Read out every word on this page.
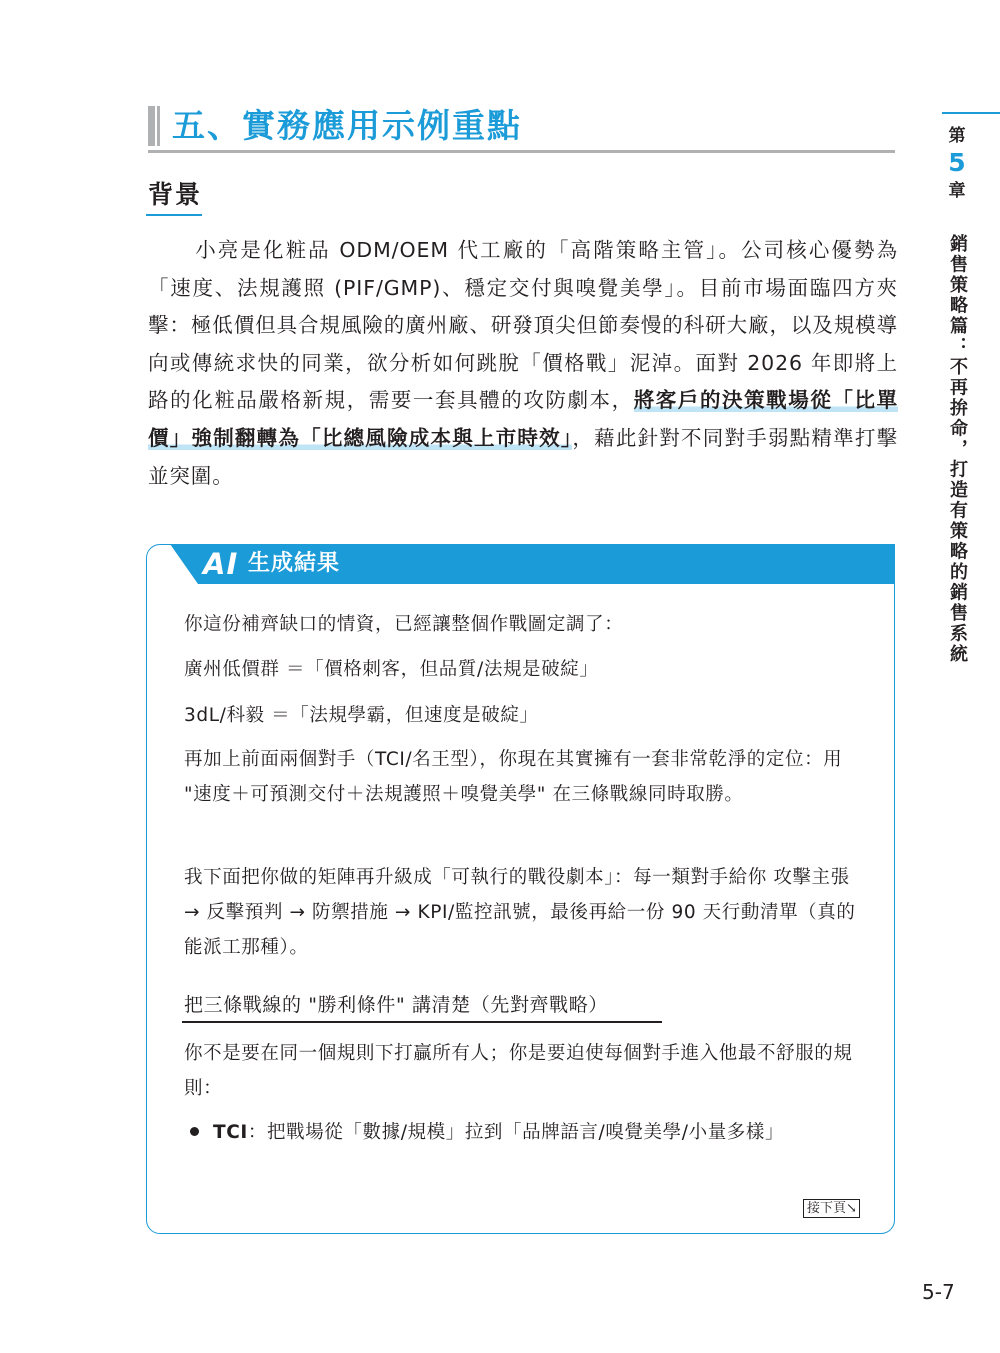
五、實務應用示例重點
背景

小亮是化粧品 ODM/OEM 代工廠的「高階策略主管」。公司核心優勢為「速度、法規護照 (PIF/GMP)、穩定交付與嗅覺美學」。目前市場面臨四方夾擊：極低價但具合規風險的廣州廠、研發頂尖但節奏慢的科研大廠，以及規模導向或傳統求快的同業，欲分析如何跳脫「價格戰」泥淖。面對 2026 年即將上路的化粧品嚴格新規，需要一套具體的攻防劇本，將客戶的決策戰場從「比單價」強制翻轉為「比總風險成本與上市時效」，藉此針對不同對手弱點精準打擊並突圍。

AI 生成結果
你這份補齊缺口的情資，已經讓整個作戰圖定調了：
廣州低價群 ＝「價格刺客，但品質/法規是破綻」
3dL/科毅 ＝「法規學霸，但速度是破綻」

再加上前面兩個對手（TCI/名王型），你現在其實擁有一套非常乾淨的定位：用 "速度＋可預測交付＋法規護照＋嗅覺美學" 在三條戰線同時取勝。

我下面把你做的矩陣再升級成「可執行的戰役劇本」：每一類對手給你 攻擊主張 → 反擊預判 → 防禦措施 → KPI/監控訊號，最後再給一份 90 天行動清單（真的能派工那種）。

把三條戰線的 "勝利條件" 講清楚（先對齊戰略）

你不是要在同一個規則下打贏所有人；你是要迫使每個對手進入他最不舒服的規則：

TCI：把戰場從「數據/規模」拉到「品牌語言/嗅覺美學/小量多樣」
接下頁↘
第
5
章
銷售策略篇：不再拚命，打造有策略的銷售系統
5-7
